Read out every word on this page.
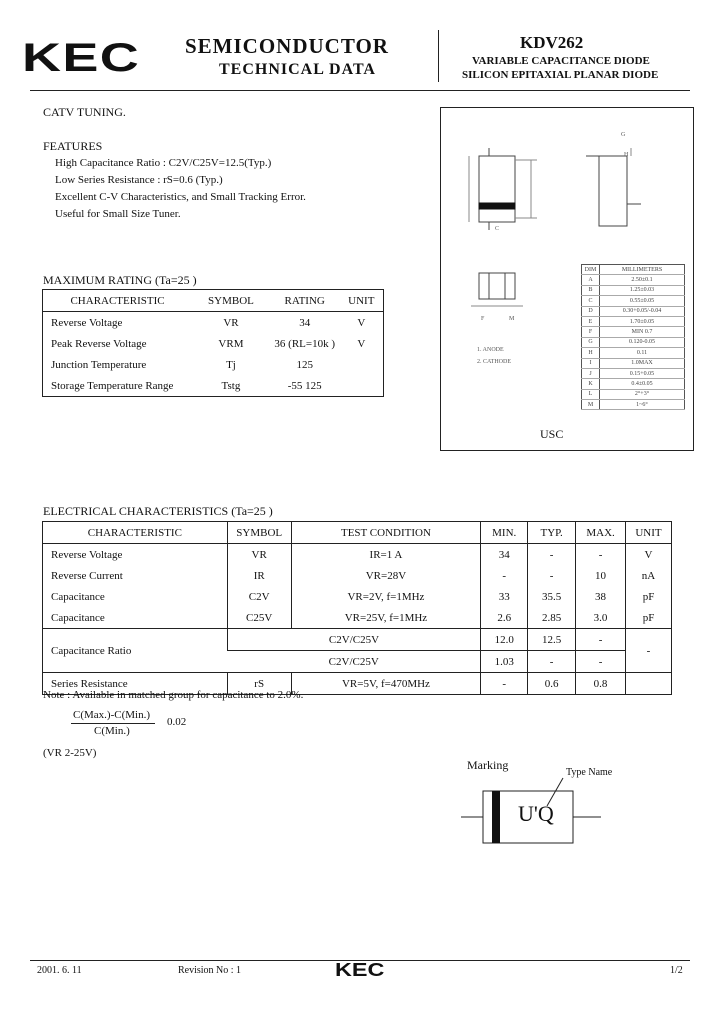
KEC SEMICONDUCTOR
TECHNICAL DATA
KDV262
VARIABLE CAPACITANCE DIODE
SILICON EPITAXIAL PLANAR DIODE
CATV TUNING.
FEATURES
High Capacitance Ratio : C2V/C25V=12.5(Typ.)
Low Series Resistance : rS=0.6 (Typ.)
Excellent C-V Characteristics, and Small Tracking Error.
Useful for Small Size Tuner.
MAXIMUM RATING (Ta=25 )
CHARACTERISTIC	SYMBOL	RATING	UNIT
Reverse Voltage	VR	34	V
Peak Reverse Voltage	VRM	36 (RL=10k )	V
Junction Temperature	Tj	125	
Storage Temperature Range	Tstg	-55 125	
G
H
C
F	M
1. ANODE
2. CATHODE
DIM	MILLIMETERS
A	2.50±0.1
B	1.25±0.03
C	0.55±0.05
D	0.30+0.05/-0.04
E	1.70±0.05
F	MIN 0.7
G	0.120-0.05
H	0.11
I	1.0MAX
J	0.15+0.05
K	0.4±0.05
L	2°+3°
M	1~6°
USC
ELECTRICAL CHARACTERISTICS (Ta=25 )
CHARACTERISTIC	SYMBOL	TEST CONDITION	MIN.	TYP.	MAX.	UNIT
Reverse Voltage	VR	IR=1 A	34	-	-	V
Reverse Current	IR	VR=28V	-	-	10	nA
Capacitance	C2V	VR=2V, f=1MHz	33	35.5	38	pF
Capacitance	C25V	VR=25V, f=1MHz	2.6	2.85	3.0	pF
Capacitance Ratio	C2V/C25V		12.0	12.5	-	-
	C2V/C25V		1.03	-	-	
Series Resistance	rS	VR=5V, f=470MHz	-	0.6	0.8	
Note : Available in matched group for capacitance to 2.0%.
C(Max.)-C(Min.)
C(Min.)
0.02
(VR 2-25V)
Marking
Type Name
U'Q
2001. 6. 11	Revision No : 1	KEC	1/2
